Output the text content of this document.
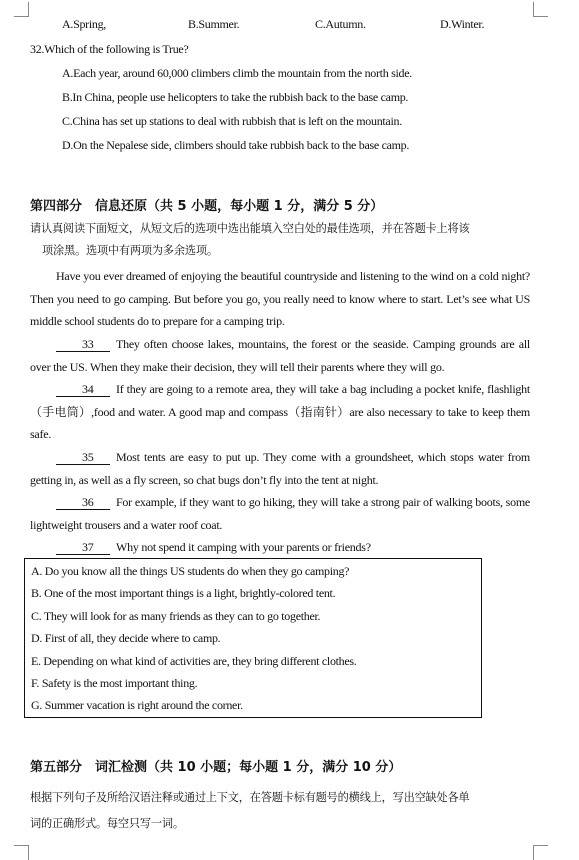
A.Spring,	B.Summer.	C.Autumn.	D.Winter.
32.Which of the following is True?
A.Each year, around 60,000 climbers climb the mountain from the north side.
B.In China, people use helicopters to take the rubbish back to the base camp.
C.China has set up stations to deal with rubbish that is left on the mountain.
D.On the Nepalese side, climbers should take rubbish back to the base camp.
第四部分　信息还原（共 5 小题，每小题 1 分，满分 5 分）
请认真阅读下面短文，从短文后的选项中选出能填入空白处的最佳选项，并在答题卡上将该
项涂黑。选项中有两项为多余选项。
Have you ever dreamed of enjoying the beautiful countryside and listening to the wind on a cold night? Then you need to go camping. But before you go, you really need to know where to start. Let’s see what US middle school students do to prepare for a camping trip.
33 They often choose lakes, mountains, the forest or the seaside. Camping grounds are all over the US. When they make their decision, they will tell their parents where they will go.
34 If they are going to a remote area, they will take a bag including a pocket knife, flashlight（手电筒）,food and water. A good map and compass（指南针）are also necessary to take to keep them safe.
35 Most tents are easy to put up. They come with a groundsheet, which stops water from getting in, as well as a fly screen, so chat bugs don’t fly into the tent at night.
36 For example, if they want to go hiking, they will take a strong pair of walking boots, some lightweight trousers and a water roof coat.
37 Why not spend it camping with your parents or friends?
A. Do you know all the things US students do when they go camping?
B. One of the most important things is a light, brightly-colored tent.
C. They will look for as many friends as they can to go together.
D. First of all, they decide where to camp.
E. Depending on what kind of activities are, they bring different clothes.
F. Safety is the most important thing.
G. Summer vacation is right around the corner.
第五部分　词汇检测（共 10 小题；每小题 1 分，满分 10 分）
根据下列句子及所给汉语注释或通过上下文，在答题卡标有题号的横线上，写出空缺处各单
词的正确形式。每空只写一词。
